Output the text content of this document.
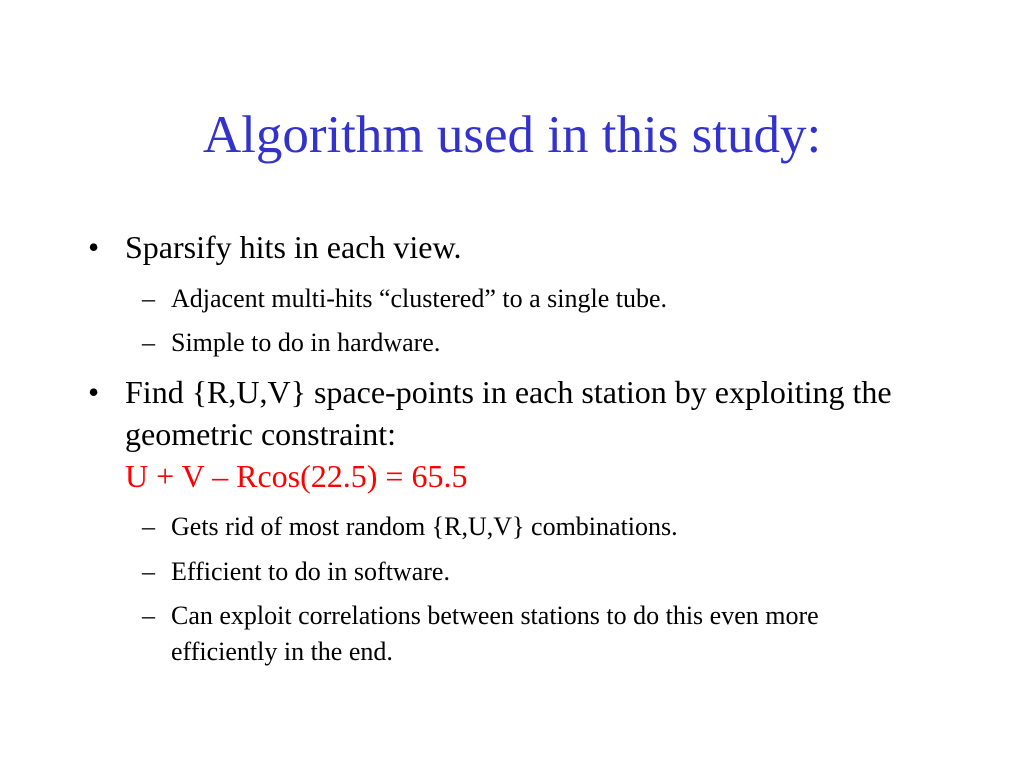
Algorithm used in this study:
• Sparsify hits in each view.
– Adjacent multi-hits “clustered” to a single tube.
– Simple to do in hardware.
• Find {R,U,V} space-points in each station by exploiting the geometric constraint:
U + V – Rcos(22.5) = 65.5
– Gets rid of most random {R,U,V} combinations.
– Efficient to do in software.
– Can exploit correlations between stations to do this even more efficiently in the end.
